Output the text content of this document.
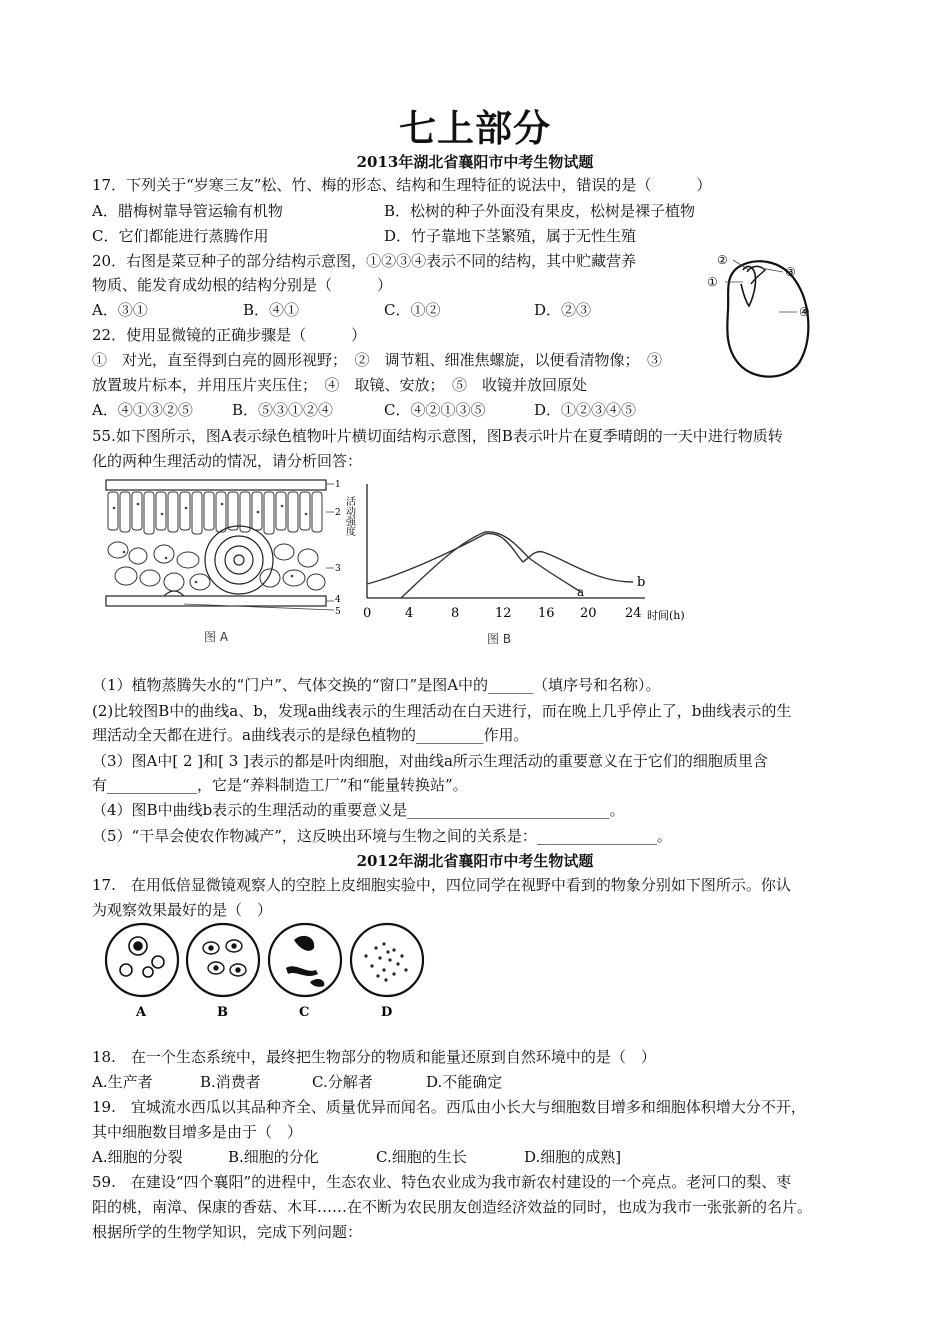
七上部分
2013年湖北省襄阳市中考生物试题
17．下列关于“岁寒三友”松、竹、梅的形态、结构和生理特征的说法中，错误的是（　　　）
A．腊梅树靠导管运输有机物	B．松树的种子外面没有果皮，松树是裸子植物
C．它们都能进行蒸腾作用	D．竹子靠地下茎繁殖，属于无性生殖
20．右图是菜豆种子的部分结构示意图，①②③④表示不同的结构，其中贮藏营养
物质、能发育成幼根的结构分别是（　　　）
A．③①	B．④①	C．①②	D．②③
②
①
③
④
22．使用显微镜的正确步骤是（　　　）
①　对光，直至得到白亮的圆形视野；　②　调节粗、细准焦螺旋，以便看清物像；　③
放置玻片标本，并用压片夹压住；　④　取镜、安放；　⑤　收镜并放回原处
A．④①③②⑤	B．⑤③①②④	C．④②①③⑤	D．①②③④⑤
55.如下图所示，图A表示绿色植物叶片横切面结构示意图，图B表示叶片在夏季晴朗的一天中进行物质转
化的两种生理活动的情况，请分析回答：
1
2
3
4
5
图 A
活动强度
a
b
0	4	8	12 16 20 24 时间(h)
图 B
（1）植物蒸腾失水的“门户”、气体交换的“窗口”是图A中的______（填序号和名称）。
(2)比较图B中的曲线a、b，发现a曲线表示的生理活动在白天进行，而在晚上几乎停止了，b曲线表示的生
理活动全天都在进行。a曲线表示的是绿色植物的_________作用。
（3）图A中[ 2 ]和[ 3 ]表示的都是叶肉细胞，对曲线a所示生理活动的重要意义在于它们的细胞质里含
有____________，它是“养料制造工厂”和“能量转换站”。
（4）图B中曲线b表示的生理活动的重要意义是___________________________。
（5）“干旱会使农作物减产”，这反映出环境与生物之间的关系是：________________。
2012年湖北省襄阳市中考生物试题
17.　在用低倍显微镜观察人的空腔上皮细胞实验中，四位同学在视野中看到的物象分别如下图所示。你认
为观察效果最好的是（　）
A	B	C	D
18.　在一个生态系统中，最终把生物部分的物质和能量还原到自然环境中的是（　）
A.生产者	B.消费者	C.分解者	D.不能确定
19.　宜城流水西瓜以其品种齐全、质量优异而闻名。西瓜由小长大与细胞数目增多和细胞体积增大分不开，
其中细胞数目增多是由于（　）
A.细胞的分裂	B.细胞的分化	C.细胞的生长	D.细胞的成熟]
59.　在建设“四个襄阳”的进程中，生态农业、特色农业成为我市新农村建设的一个亮点。老河口的梨、枣
阳的桃，南漳、保康的香菇、木耳……在不断为农民朋友创造经济效益的同时，也成为我市一张张新的名片。
根据所学的生物学知识，完成下列问题：
